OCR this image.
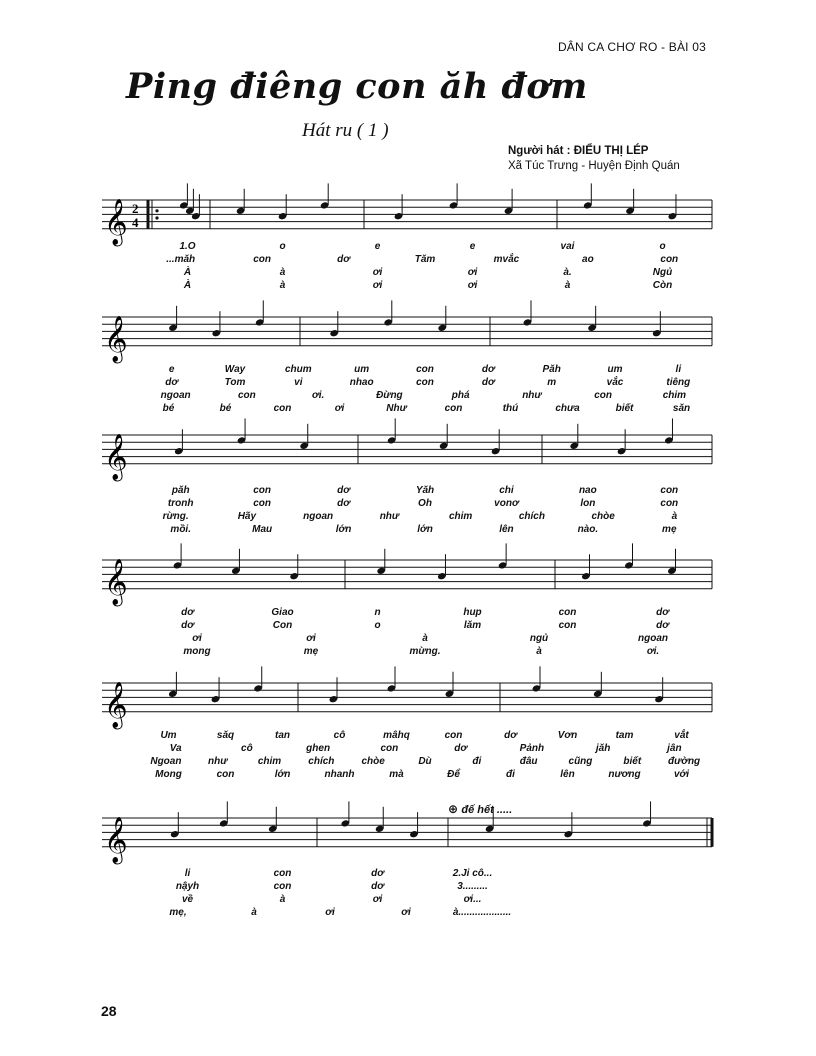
DÂN CA CHƠ RO - BÀI 03
Ping điêng con ăh đơm
Hát ru ( 1 )
Người hát : ĐIỂU THỊ LÉP
Xã Túc Trưng - Huyện Định Quán
⊕ đế hết .....
𝄞 2
4
𝄞
𝄞
𝄞
𝄞
𝄞
1.O	o	e	e	vai	o
...măh	con	dơ	Tăm	mvắc	ao	con
À	à	ơi	ơi	à.	Ngủ
À	à	ơi	ơi	à	Còn
e	Way	chum	um	con	dơ	Păh	um	li
dơ	Tom	vi	nhao	con	dơ	m	vắc	tiêng
ngoan	con	ơi.	Đừng	phá	như	con	chim
bé	bé	con	ơi	Như	con	thú	chưa	biết	săn
păh	con	dơ	Yăh	chi	nao	con
tronh	con	dơ	Oh	vonơ	lon	con
rừng.	Hãy	ngoan	như	chim	chích	chòe	à
mồi.	Mau	lớn	lớn	lên	nào.	mẹ
dơ	Giao	n	hup	con	dơ
dơ	Con	o	lăm	con	dơ
ơi	ơi	à	ngủ	ngoan
mong	mẹ	mừng.	à	ơi.
Um	săq	tan	cô	mâhq	con	dơ	Vơn	tam	vắt
Va	cô	ghen	con	dơ	Pảnh	jăh	jân
Ngoan	như	chim	chích	chòe	Dù	đi	đâu	cũng	biết	đường
Mong	con	lớn	nhanh	mà	Để	đi	lên	nương	với
li	con	dơ	2.Ji cô...
nậyh	con	dơ	3.........
về	à	ơi	ơi...
mẹ,	à	ơi	ơi	à...................
28
